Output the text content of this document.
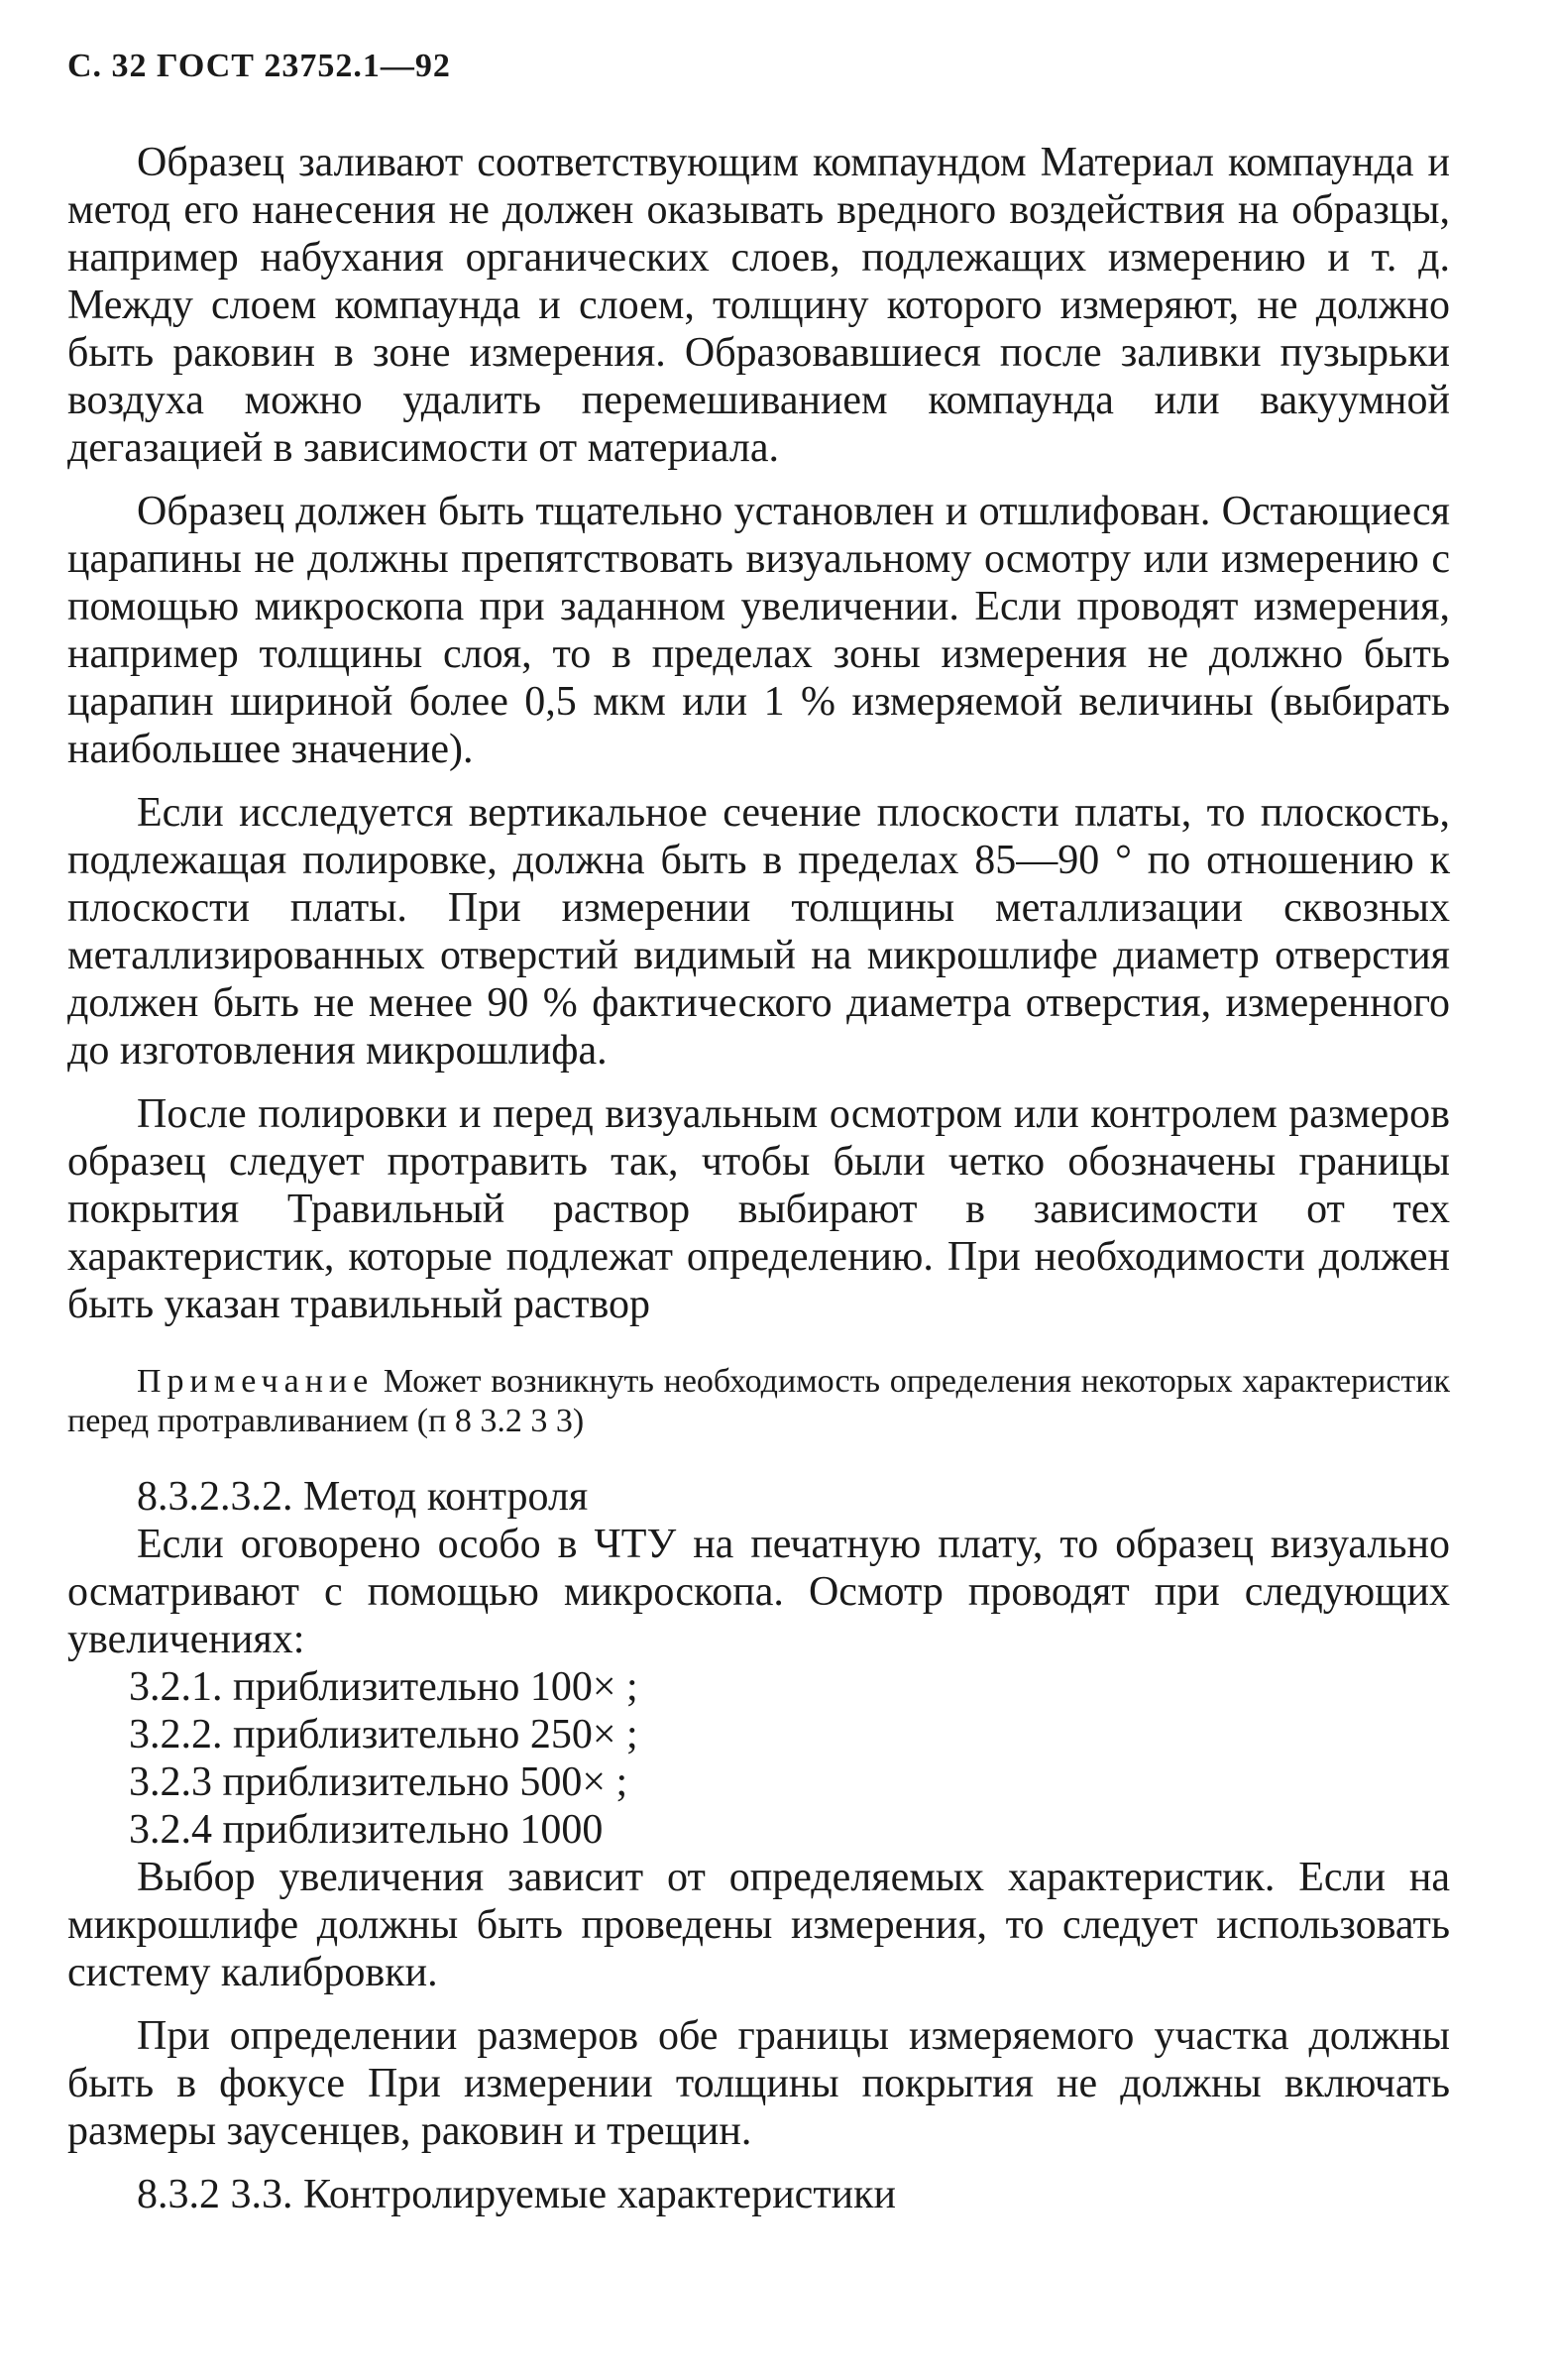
С. 32 ГОСТ 23752.1—92

Образец заливают соответствующим компаундом Материал компаунда и метод его нанесения не должен оказывать вредного воздействия на образцы, например набухания органических слоев, подлежащих измерению и т. д. Между слоем компаунда и слоем, толщину которого измеряют, не должно быть раковин в зоне измерения. Образовавшиеся после заливки пузырьки воздуха можно удалить перемешиванием компаунда или вакуумной дегазацией в зависимости от материала.

Образец должен быть тщательно установлен и отшлифован. Остающиеся царапины не должны препятствовать визуальному осмотру или измерению с помощью микроскопа при заданном увеличении. Если проводят измерения, например толщины слоя, то в пределах зоны измерения не должно быть царапин шириной более 0,5 мкм или 1 % измеряемой величины (выбирать наибольшее значение).

Если исследуется вертикальное сечение плоскости платы, то плоскость, подлежащая полировке, должна быть в пределах 85—90 ° по отношению к плоскости платы. При измерении толщины металлизации сквозных металлизированных отверстий видимый на микрошлифе диаметр отверстия должен быть не менее 90 % фактического диаметра отверстия, измеренного до изготовления микрошлифа.

После полировки и перед визуальным осмотром или контролем размеров образец следует протравить так, чтобы были четко обозначены границы покрытия Травильный раствор выбирают в зависимости от тех характеристик, которые подлежат определению. При необходимости должен быть указан травильный раствор

Примечание Может возникнуть необходимость определения некоторых характеристик перед протравливанием (п 8 3.2 3 3)

8.3.2.3.2. Метод контроля

Если оговорено особо в ЧТУ на печатную плату, то образец визуально осматривают с помощью микроскопа. Осмотр проводят при следующих увеличениях:

3.2.1. приблизительно 100× ;

3.2.2. приблизительно 250× ;

3.2.3 приблизительно 500× ;

3.2.4 приблизительно 1000

Выбор увеличения зависит от определяемых характеристик. Если на микрошлифе должны быть проведены измерения, то следует использовать систему калибровки.

При определении размеров обе границы измеряемого участка должны быть в фокусе При измерении толщины покрытия не должны включать размеры заусенцев, раковин и трещин.

8.3.2 3.3. Контролируемые характеристики
